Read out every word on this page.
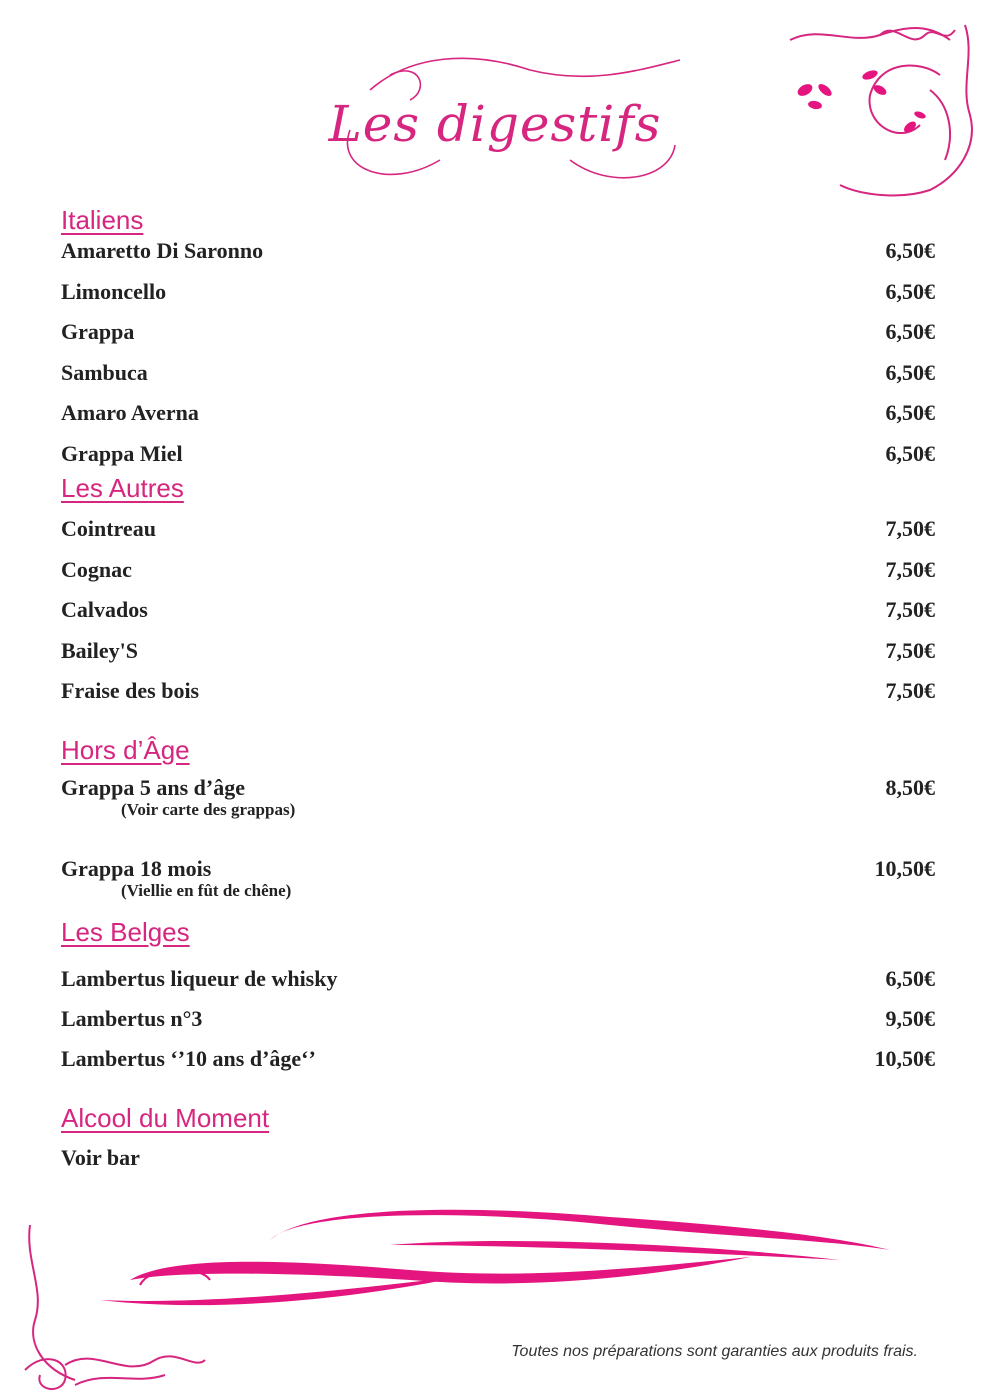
Les digestifs
Italiens
Amaretto Di Saronno	6,50€
Limoncello	6,50€
Grappa	6,50€
Sambuca	6,50€
Amaro Averna	6,50€
Grappa Miel	6,50€
Les Autres
Cointreau	7,50€
Cognac	7,50€
Calvados	7,50€
Bailey'S	7,50€
Fraise des bois	7,50€
Hors d’Âge
Grappa 5 ans d’âge	8,50€
(Voir carte des grappas)
Grappa 18 mois	10,50€
(Viellie en fût de chêne)
Les Belges
Lambertus liqueur de whisky	6,50€
Lambertus n°3	9,50€
Lambertus ‘’10 ans d’âge‘’	10,50€
Alcool du Moment
Voir bar
Toutes nos préparations sont garanties aux produits frais.
